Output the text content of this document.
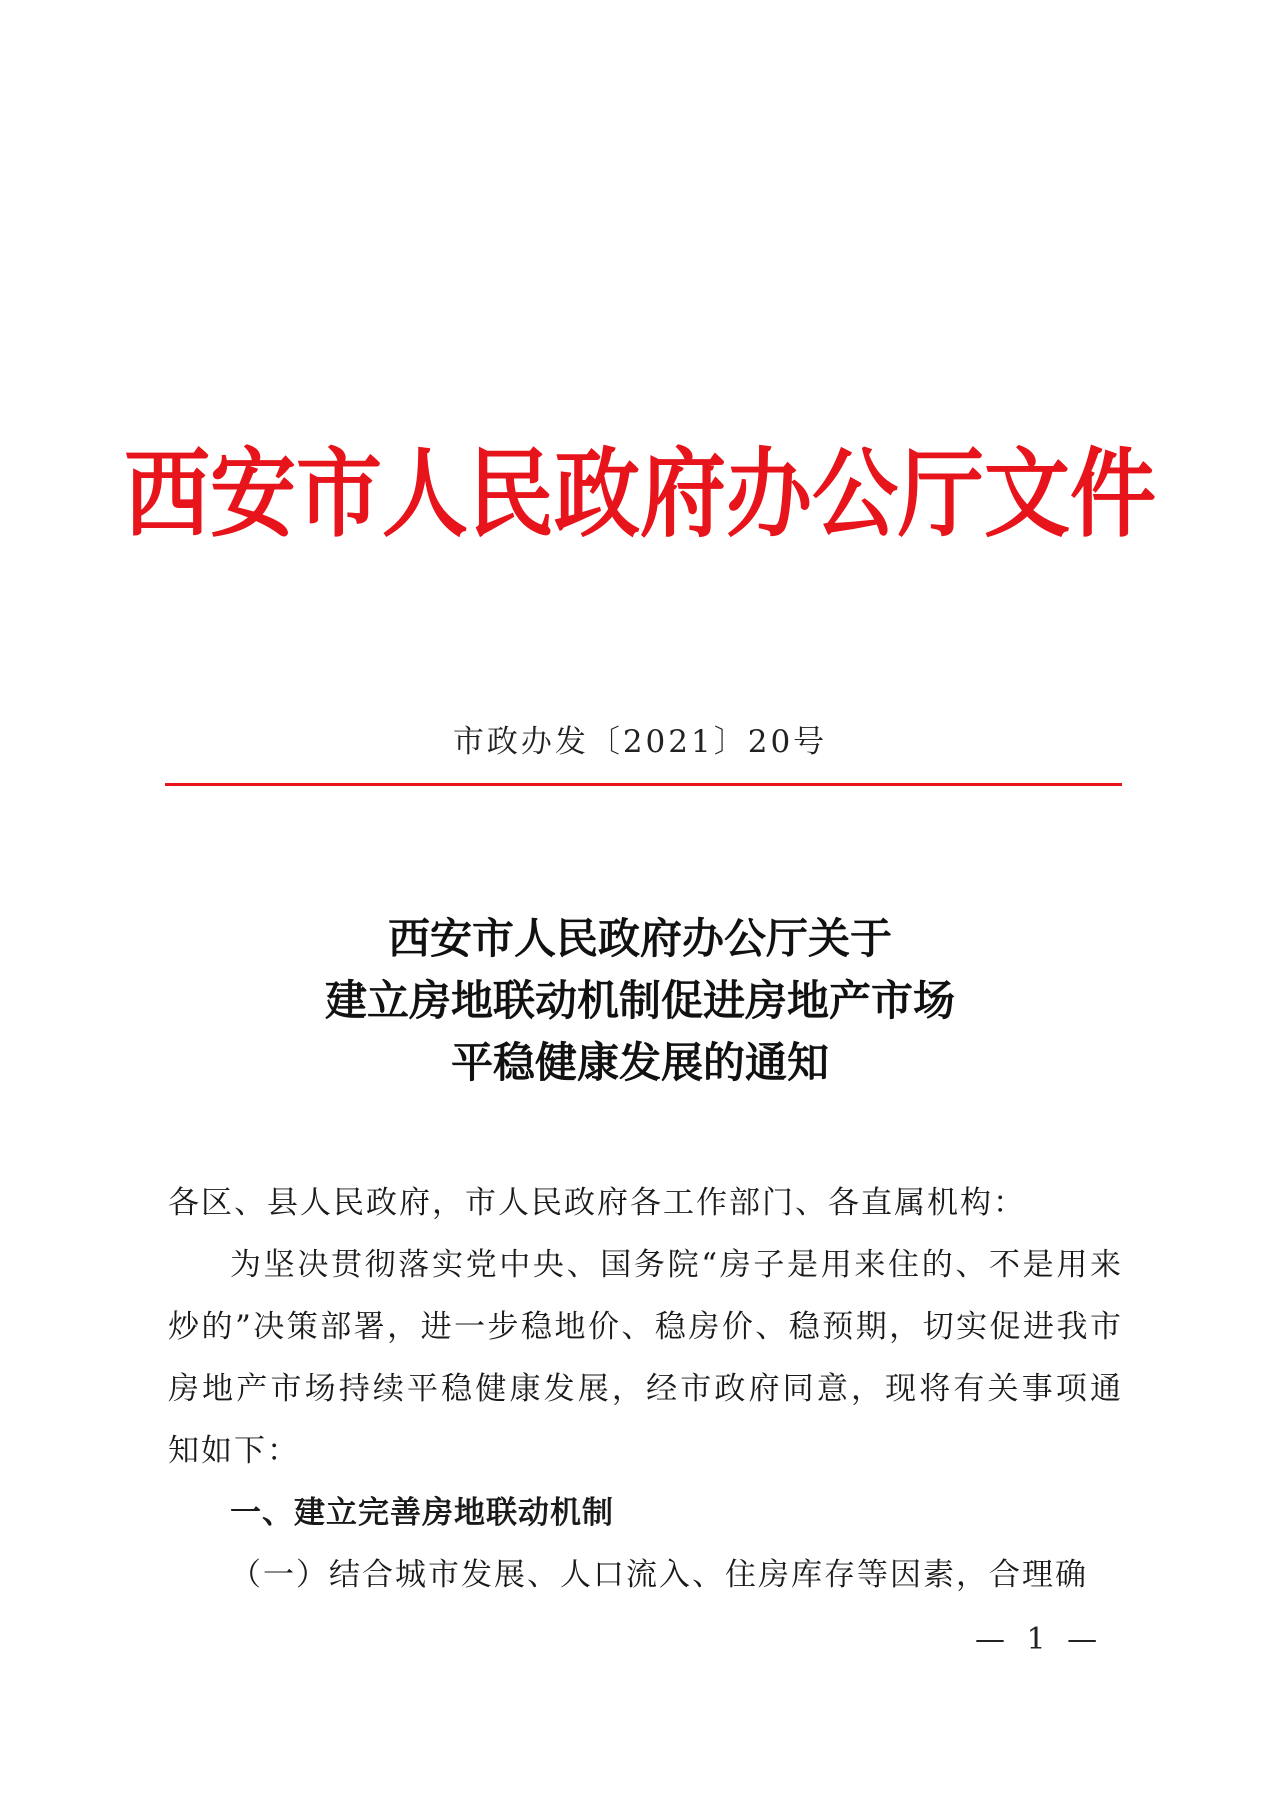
西安市人民政府办公厅文件
市政办发〔2021〕20号
西安市人民政府办公厅关于
建立房地联动机制促进房地产市场
平稳健康发展的通知

各区、县人民政府，市人民政府各工作部门、各直属机构：

为坚决贯彻落实党中央、国务院“房子是用来住的、不是用来炒的”决策部署，进一步稳地价、稳房价、稳预期，切实促进我市房地产市场持续平稳健康发展，经市政府同意，现将有关事项通知如下：

一、建立完善房地联动机制

（一）结合城市发展、人口流入、住房库存等因素，合理确

— 1 —
